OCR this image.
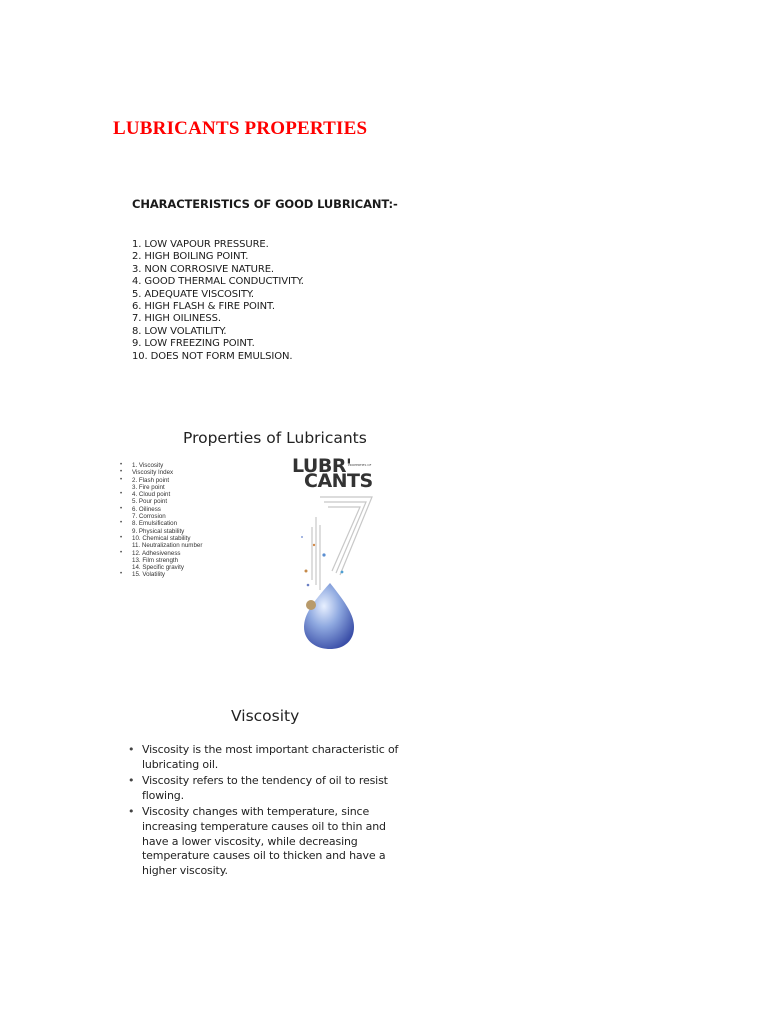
LUBRICANTS PROPERTIES
CHARACTERISTICS OF GOOD LUBRICANT:-
1. LOW VAPOUR PRESSURE.
2. HIGH BOILING POINT.
3. NON CORROSIVE NATURE.
4. GOOD THERMAL CONDUCTIVITY.
5. ADEQUATE VISCOSITY.
6. HIGH FLASH & FIRE POINT.
7. HIGH OILINESS.
8. LOW VOLATILITY.
9. LOW FREEZING POINT.
10. DOES NOT FORM EMULSION.
Properties of Lubricants
• 1. Viscosity
• Viscosity Index
• 2. Flash point
3. Fire point
• 4. Cloud point
5. Pour point
• 6. Oiliness
7. Corrosion
• 8. Emulsification
9. Physical stability
• 10. Chemical stability
11. Neutralization number
• 12. Adhesiveness
13. Film strength
14. Specific gravity
• 15. Volatility
LUBR'
PROPERTIES OF
CANTS
Viscosity
• Viscosity is the most important characteristic of lubricating oil.
• Viscosity refers to the tendency of oil to resist flowing.
• Viscosity changes with temperature, since increasing temperature causes oil to thin and have a lower viscosity, while decreasing temperature causes oil to thicken and have a higher viscosity.
